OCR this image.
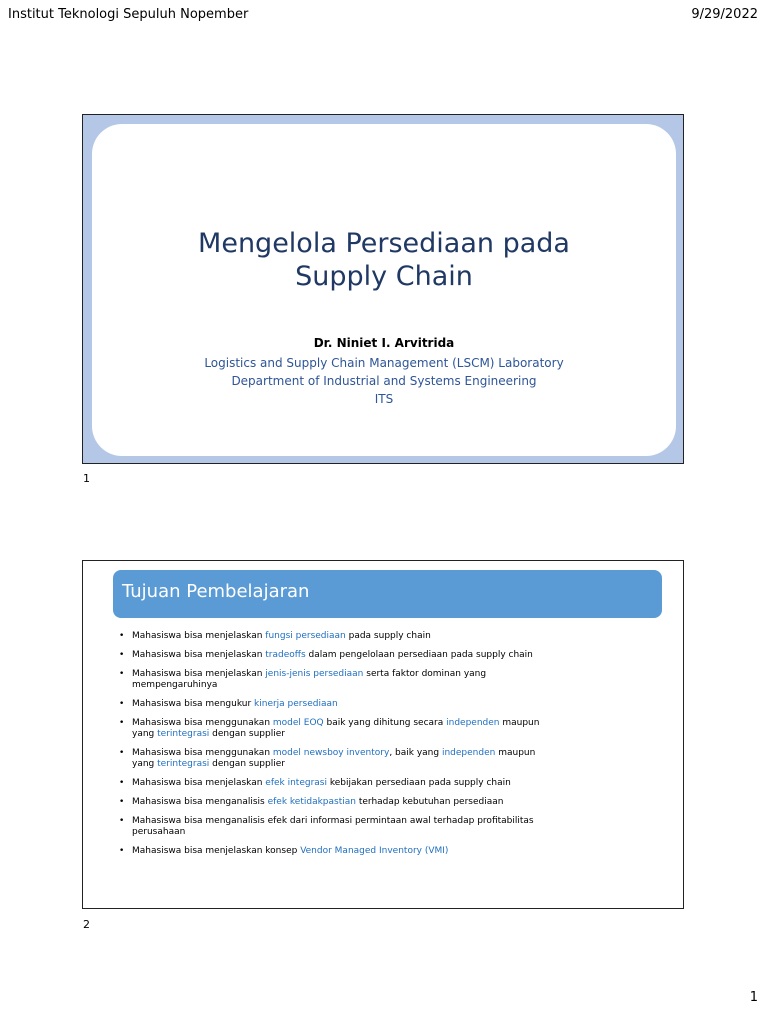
Institut Teknologi Sepuluh Nopember	9/29/2022
Mengelola Persediaan pada
Supply Chain
Dr. Niniet I. Arvitrida
Logistics and Supply Chain Management (LSCM) Laboratory
Department of Industrial and Systems Engineering
ITS
1
Tujuan Pembelajaran
• Mahasiswa bisa menjelaskan fungsi persediaan pada supply chain
• Mahasiswa bisa menjelaskan tradeoffs dalam pengelolaan persediaan pada supply chain
• Mahasiswa bisa menjelaskan jenis-jenis persediaan serta faktor dominan yang mempengaruhinya
• Mahasiswa bisa mengukur kinerja persediaan
• Mahasiswa bisa menggunakan model EOQ baik yang dihitung secara independen maupun yang terintegrasi dengan supplier
• Mahasiswa bisa menggunakan model newsboy inventory, baik yang independen maupun yang terintegrasi dengan supplier
• Mahasiswa bisa menjelaskan efek integrasi kebijakan persediaan pada supply chain
• Mahasiswa bisa menganalisis efek ketidakpastian terhadap kebutuhan persediaan
• Mahasiswa bisa menganalisis efek dari informasi permintaan awal terhadap profitabilitas perusahaan
• Mahasiswa bisa menjelaskan konsep Vendor Managed Inventory (VMI)
2
1
